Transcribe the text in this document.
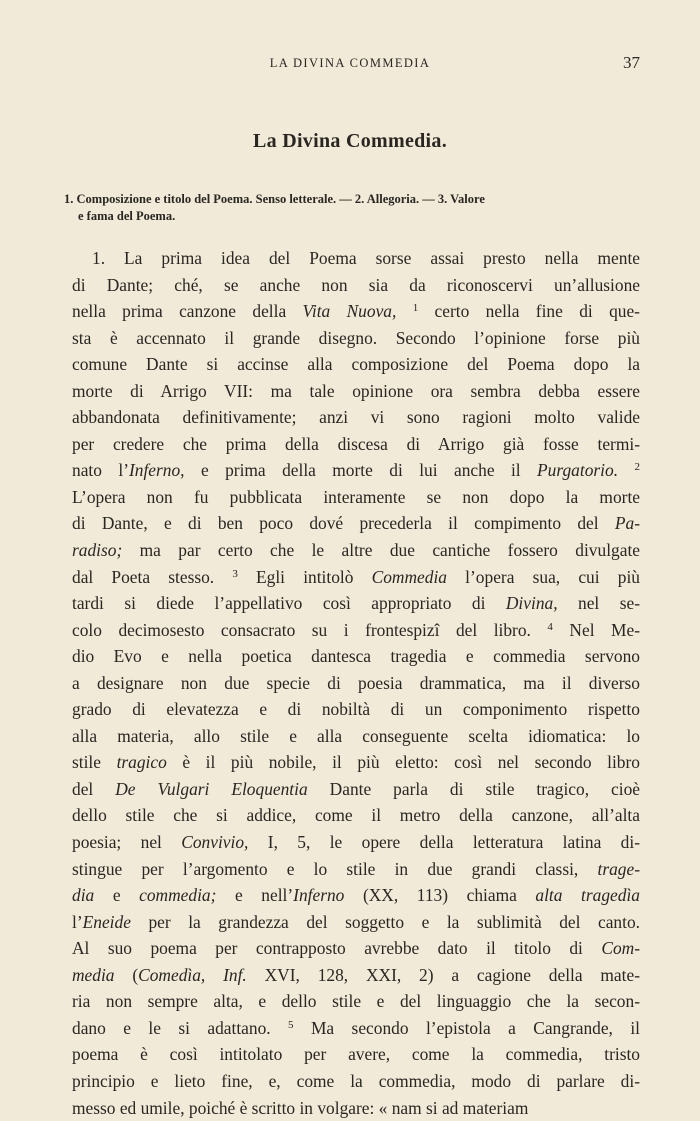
LA DIVINA COMMEDIA	37
La Divina Commedia.
1. Composizione e titolo del Poema. Senso letterale. — 2. Allegoria. — 3. Valore
e fama del Poema.
1. La prima idea del Poema sorse assai presto nella mente
di Dante; ché, se anche non sia da riconoscervi un’allusione
nella prima canzone della Vita Nuova, $^1$ certo nella fine di que-
sta è accennato il grande disegno. Secondo l’opinione forse più
comune Dante si accinse alla composizione del Poema dopo la
morte di Arrigo VII: ma tale opinione ora sembra debba essere
abbandonata definitivamente; anzi vi sono ragioni molto valide
per credere che prima della discesa di Arrigo già fosse termi-
nato l’Inferno, e prima della morte di lui anche il Purgatorio. $^2$
L’opera non fu pubblicata interamente se non dopo la morte
di Dante, e di ben poco dové precederla il compimento del Pa-
radiso; ma par certo che le altre due cantiche fossero divulgate
dal Poeta stesso. $^3$ Egli intitolò Commedia l’opera sua, cui più
tardi si diede l’appellativo così appropriato di Divina, nel se-
colo decimosesto consacrato su i frontespizî del libro. $^4$ Nel Me-
dio Evo e nella poetica dantesca tragedia e commedia servono
a designare non due specie di poesia drammatica, ma il diverso
grado di elevatezza e di nobiltà di un componimento rispetto
alla materia, allo stile e alla conseguente scelta idiomatica: lo
stile tragico è il più nobile, il più eletto: così nel secondo libro
del De Vulgari Eloquentia Dante parla di stile tragico, cioè
dello stile che si addice, come il metro della canzone, all’alta
poesia; nel Convivio, I, 5, le opere della letteratura latina di-
stingue per l’argomento e lo stile in due grandi classi, trage-
dia e commedia; e nell’Inferno (XX, 113) chiama alta tragedìa
l’Eneide per la grandezza del soggetto e la sublimità del canto.
Al suo poema per contrapposto avrebbe dato il titolo di Com-
media (Comedìa, Inf. XVI, 128, XXI, 2) a cagione della mate-
ria non sempre alta, e dello stile e del linguaggio che la secon-
dano e le si adattano. $^5$ Ma secondo l’epistola a Cangrande, il
poema è così intitolato per avere, come la commedia, tristo
principio e lieto fine, e, come la commedia, modo di parlare di-
messo ed umile, poiché è scritto in volgare: « nam si ad materiam
